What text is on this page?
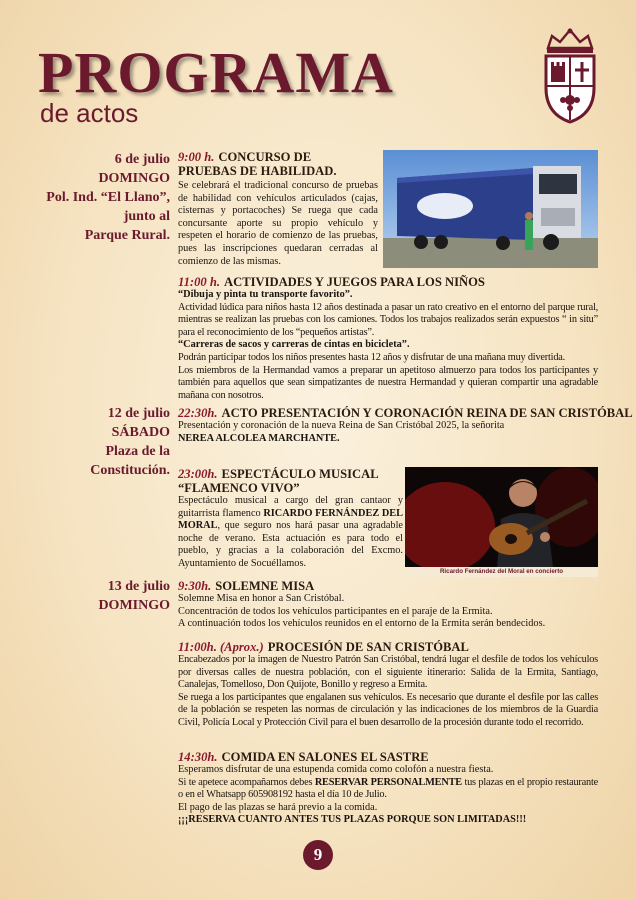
PROGRAMA
de actos
6 de julio
DOMINGO
Pol. Ind. “El Llano”,
junto al
Parque Rural.
12 de julio
SÁBADO
Plaza de la
Constitución.
13 de julio
DOMINGO
9:00 h. CONCURSO DE
PRUEBAS DE HABILIDAD.
Se celebrará el tradicional concurso de pruebas de habilidad con vehículos articulados (cajas, cisternas y portacoches) Se ruega que cada concursante aporte su propio vehículo y respeten el horario de comienzo de las pruebas, pues las inscripciones quedaran cerradas al comienzo de las mismas.
11:00 h. ACTIVIDADES Y JUEGOS PARA LOS NIÑOS
“Dibuja y pinta tu transporte favorito”.
Actividad lúdica para niños hasta 12 años destinada a pasar un rato creativo en el entorno del parque rural, mientras se realizan las pruebas con los camiones. Todos los trabajos realizados serán expuestos “ in situ” para el reconocimiento de los “pequeños artistas”.
“Carreras de sacos y carreras de cintas en bicicleta”.
Podrán participar todos los niños presentes hasta 12 años y disfrutar de una mañana muy divertida.
Los miembros de la Hermandad vamos a preparar un apetitoso almuerzo para todos los participantes y también para aquellos que sean simpatizantes de nuestra Hermandad y quieran compartir una agradable mañana con nosotros.
22:30h. ACTO PRESENTACIÓN Y CORONACIÓN REINA DE SAN CRISTÓBAL
Presentación y coronación de la nueva Reina de San Cristóbal 2025, la señorita
NEREA ALCOLEA MARCHANTE.
23:00h. ESPECTÁCULO MUSICAL
“FLAMENCO VIVO”
Espectáculo musical a cargo del gran cantaor y guitarrista flamenco RICARDO FERNÁNDEZ DEL MORAL, que seguro nos hará pasar una agradable noche de verano. Esta actuación es para todo el pueblo, y gracias a la colaboración del Excmo. Ayuntamiento de Socuéllamos.
Ricardo Fernández del Moral en concierto
9:30h. SOLEMNE MISA
Solemne Misa en honor a San Cristóbal.
Concentración de todos los vehículos participantes en el paraje de la Ermita.
A continuación todos los vehículos reunidos en el entorno de la Ermita serán bendecidos.
11:00h. (Aprox.) PROCESIÓN DE SAN CRISTÓBAL
Encabezados por la imagen de Nuestro Patrón San Cristóbal, tendrá lugar el desfile de todos los vehículos por diversas calles de nuestra población, con el siguiente itinerario: Salida de la Ermita, Santiago, Canalejas, Tomelloso, Don Quijote, Bonillo y regreso a Ermita.
Se ruega a los participantes que engalanen sus vehículos. Es necesario que durante el desfile por las calles de la población se respeten las normas de circulación y las indicaciones de los miembros de la Guardia Civil, Policía Local y Protección Civil para el buen desarrollo de la procesión durante todo el recorrido.
14:30h. COMIDA EN SALONES EL SASTRE
Esperamos disfrutar de una estupenda comida como colofón a nuestra fiesta.
Si te apetece acompañarnos debes RESERVAR PERSONALMENTE tus plazas en el propio restaurante o en el Whatsapp 605908192 hasta el día 10 de Julio.
El pago de las plazas se hará previo a la comida.
¡¡¡RESERVA CUANTO ANTES TUS PLAZAS PORQUE SON LIMITADAS!!!
9
